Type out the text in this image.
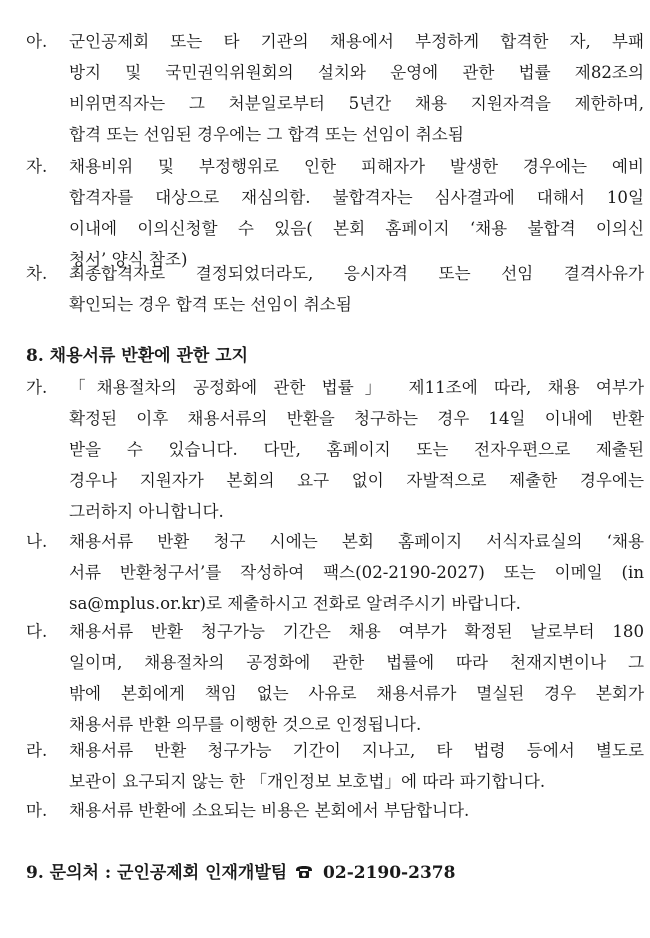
아. 군인공제회 또는 타 기관의 채용에서 부정하게 합격한 자, 부패
방지 및 국민권익위원회의 설치와 운영에 관한 법률 제82조의
비위면직자는 그 처분일로부터 5년간 채용 지원자격을 제한하며,
합격 또는 선임된 경우에는 그 합격 또는 선임이 취소됨
자. 채용비위 및 부정행위로 인한 피해자가 발생한 경우에는 예비
합격자를 대상으로 재심의함. 불합격자는 심사결과에 대해서 10일
이내에 이의신청할 수 있음( 본회 홈페이지 ‘채용 불합격 이의신
청서’ 양식 참조)
차. 최종합격자로 결정되었더라도, 응시자격 또는 선임 결격사유가
확인되는 경우 합격 또는 선임이 취소됨
8. 채용서류 반환에 관한 고지
가. 「채용절차의 공정화에 관한 법률」 제11조에 따라, 채용 여부가
확정된 이후 채용서류의 반환을 청구하는 경우 14일 이내에 반환
받을 수 있습니다. 다만, 홈페이지 또는 전자우편으로 제출된
경우나 지원자가 본회의 요구 없이 자발적으로 제출한 경우에는
그러하지 아니합니다.
나. 채용서류 반환 청구 시에는 본회 홈페이지 서식자료실의 ‘채용
서류 반환청구서’를 작성하여 팩스(02-2190-2027) 또는 이메일 (in
sa@mplus.or.kr)로 제출하시고 전화로 알려주시기 바랍니다.
다. 채용서류 반환 청구가능 기간은 채용 여부가 확정된 날로부터 180
일이며, 채용절차의 공정화에 관한 법률에 따라 천재지변이나 그
밖에 본회에게 책임 없는 사유로 채용서류가 멸실된 경우 본회가
채용서류 반환 의무를 이행한 것으로 인정됩니다.
라. 채용서류 반환 청구가능 기간이 지나고, 타 법령 등에서 별도로
보관이 요구되지 않는 한 「개인정보 보호법」에 따라 파기합니다.
마. 채용서류 반환에 소요되는 비용은 본회에서 부담합니다.
9. 문의처 : 군인공제회 인재개발팀 02-2190-2378
